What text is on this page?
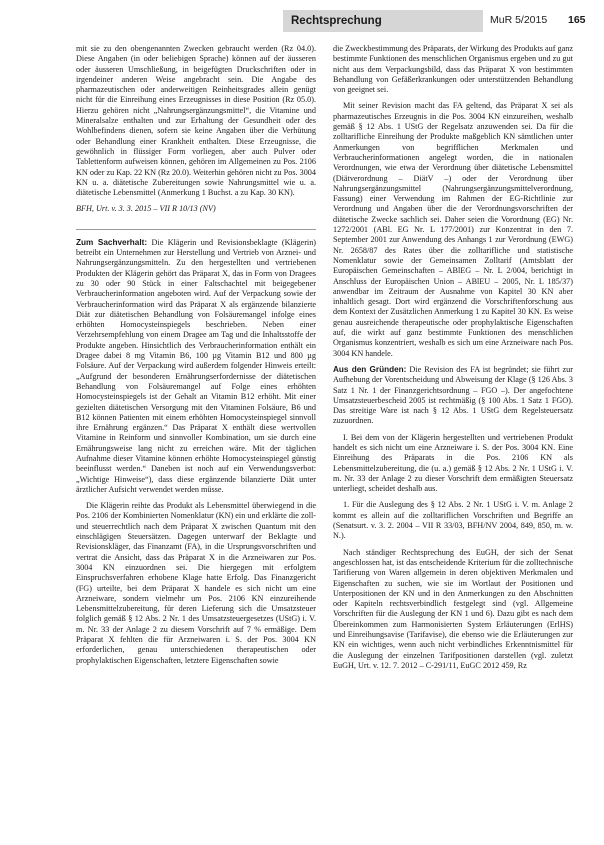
Rechtsprechung	MuR 5/2015 165

mit sie zu den obengenannten Zwecken gebraucht werden (Rz 04.0). Diese Angaben (in oder beliebigen Sprache) können auf der äusseren oder äusseren Umschließung, in beigefügten Druckschriften oder in irgendeiner anderen Weise angebracht sein. Die Angabe des pharmazeutischen oder anderweitigen Reinheitsgrades allein genügt nicht für die Einreihung eines Erzeugnisses in diese Position (Rz 05.0). Hierzu gehören nicht „Nahrungsergänzungsmittel“, die Vitamine und Mineralsalze enthalten und zur Erhaltung der Gesundheit oder des Wohlbefindens dienen, sofern sie keine Angaben über die Verhütung oder Behandlung einer Krankheit enthalten. Diese Erzeugnisse, die gewöhnlich in flüssiger Form vorliegen, aber auch Pulver oder Tablettenform aufweisen können, gehören im Allgemeinen zu Pos. 2106 KN oder zu Kap. 22 KN (Rz 20.0). Weiterhin gehören nicht zu Pos. 3004 KN u. a. diätetische Zubereitungen sowie Nahrungsmittel wie u. a. diätetische Lebensmittel (Anmerkung 1 Buchst. a zu Kap. 30 KN).

BFH, Urt. v. 3. 3. 2015 – VII R 10/13 (NV)

Zum Sachverhalt: Die Klägerin und Revisionsbeklagte (Klägerin) betreibt ein Unternehmen zur Herstellung und Vertrieb von Arznei- und Nahrungsergänzungsmitteln. Zu den hergestellten und vertriebenen Produkten der Klägerin gehört das Präparat X, das in Form von Dragees zu 30 oder 90 Stück in einer Faltschachtel mit beigegebener Verbraucherinformation angeboten wird. Auf der Verpackung sowie der Verbraucherinformation wird das Präparat X als ergänzende bilanzierte Diät zur diätetischen Behandlung von Folsäuremangel infolge eines erhöhten Homocysteinspiegels beschrieben. Neben einer Verzehrsempfehlung von einem Dragee am Tag und die Inhaltsstoffe der Produkte angeben. Hinsichtlich des Verbraucherinformation enthält ein Dragee dabei 8 mg Vitamin B6, 100 µg Vitamin B12 und 800 µg Folsäure. Auf der Verpackung wird außerdem folgender Hinweis erteilt: „Aufgrund der besonderen Ernährungserfordernisse der diätetischen Behandlung von Folsäuremangel auf Folge eines erhöhten Homocysteinspiegels ist der Gehalt an Vitamin B12 erhöht. Mit einer gezielten diätetischen Versorgung mit den Vitaminen Folsäure, B6 und B12 können Patienten mit einem erhöhten Homocysteinspiegel sinnvoll ihre Ernährung ergänzen.“ Das Präparat X enthält diese wertvollen Vitamine in Reinform und sinnvoller Kombination, um sie durch eine Ernährungsweise lang nicht zu erreichen wäre. Mit der täglichen Aufnahme dieser Vitamine können erhöhte Homocysteinspiegel günstig beeinflusst werden.“ Daneben ist noch auf ein Verwendungsverbot: „Wichtige Hinweise“), dass diese ergänzende bilanzierte Diät unter ärztlicher Aufsicht verwendet werden müsse.

Die Klägerin reihte das Produkt als Lebensmittel überwiegend in die Pos. 2106 der Kombinierten Nomenklatur (KN) ein und erklärte die zoll- und steuerrechtlich nach dem Präparat X zwischen Quantum mit den einschlägigen Steuersätzen. Dagegen unterwarf der Beklagte und Revisionskläger, das Finanzamt (FA), in die Ursprungsvorschriften und vertrat die Ansicht, dass das Präparat X in die Arzneiwaren zur Pos. 3004 KN einzuordnen sei. Die hiergegen mit erfolgtem Einspruchsverfahren erhobene Klage hatte Erfolg. Das Finanzgericht (FG) urteilte, bei dem Präparat X handele es sich nicht um eine Arzneiware, sondern vielmehr um Pos. 2106 KN einzureihende Lebensmittelzubereitung, für deren Lieferung sich die Umsatzsteuer folglich gemäß § 12 Abs. 2 Nr. 1 des Umsatzsteuergesetzes (UStG) i. V. m. Nr. 33 der Anlage 2 zu diesem Vorschrift auf 7 % ermäßige. Dem Präparat X fehlten die für Arzneiwaren i. S. der Pos. 3004 KN erforderlichen, genau unterschiedenen therapeutischen oder prophylaktischen Eigenschaften, letztere Eigenschaften sowie

die Zweckbestimmung des Präparats, der Wirkung des Produkts auf ganz bestimmte Funktionen des menschlichen Organismus ergeben und zu gut nicht aus dem Verpackungsbild, dass das Präparat X von bestimmten Behandlung von Gefäßerkrankungen oder unterstützenden Behandlung von geeignet sei.

Mit seiner Revision macht das FA geltend, das Präparat X sei als pharmazeutisches Erzeugnis in die Pos. 3004 KN einzureihen, weshalb gemäß § 12 Abs. 1 UStG der Regelsatz anzuwenden sei. Da für die zolltarifliche Einreihung der Produkte maßgeblich KN sämtlichen unter Anmerkungen von begrifflichen Merkmalen und Verbraucherinformationen angelegt worden, die in nationalen Verordnungen, wie etwa der Verordnung über diätetische Lebensmittel (Diätverordnung – DiätV –) oder der Verordnung über Nahrungsergänzungsmittel (Nahrungsergänzungsmittelverordnung, Fassung) einer Verwendung im Rahmen der EG-Richtlinie zur Verordnung und Angaben über die der Verordnungsvorschriften der diätetische Zwecke sachlich sei. Daher seien die Vorordnung (EG) Nr. 1272/2001 (ABl. EG Nr. L 177/2001) zur Konzentrat in den 7. September 2001 zur Anwendung des Anhangs 1 zur Verordnung (EWG) Nr. 2658/87 des Rates über die zolltarifliche und statistische Nomenklatur sowie der Gemeinsamen Zolltarif (Amtsblatt der Europäischen Gemeinschaften – ABlEG – Nr. L 2/004, berichtigt in Anschluss der Europäischen Union – ABlEU – 2005, Nr. L 185/37) anwendbar im Zeitraum der Ausnahme von Kapitel 30 KN aber inhaltlich gesagt. Dort wird ergänzend die Vorschriftenforschung aus dem Kontext der Zusätzlichen Anmerkung 1 zu Kapitel 30 KN. Es weise genau ausreichende therapeutische oder prophylaktische Eigenschaften auf, die wirkt auf ganz bestimmte Funktionen des menschlichen Organismus konzentriert, weshalb es sich um eine Arzneiware nach Pos. 3004 KN handele.

Aus den Gründen: Die Revision des FA ist begründet; sie führt zur Aufhebung der Vorentscheidung und Abweisung der Klage (§ 126 Abs. 3 Satz 1 Nr. 1 der Finanzgerichtsordnung – FGO –). Der angefochtene Umsatzsteuerbescheid 2005 ist rechtmäßig (§ 100 Abs. 1 Satz 1 FGO). Das streitige Ware ist nach § 12 Abs. 1 UStG dem Regelsteuersatz zuzuordnen.

I. Bei dem von der Klägerin hergestellten und vertriebenen Produkt handelt es sich nicht um eine Arzneiware i. S. der Pos. 3004 KN. Eine Einreihung des Präparats in die Pos. 2106 KN als Lebensmittelzubereitung, die (u. a.) gemäß § 12 Abs. 2 Nr. 1 UStG i. V. m. Nr. 33 der Anlage 2 zu dieser Vorschrift dem ermäßigten Steuersatz unterliegt, scheidet deshalb aus.

1. Für die Auslegung des § 12 Abs. 2 Nr. 1 UStG i. V. m. Anlage 2 kommt es allein auf die zolltariflichen Vorschriften und Begriffe an (Senatsurt. v. 3. 2. 2004 – VII R 33/03, BFH/NV 2004, 849, 850, m. w. N.).

Nach ständiger Rechtsprechung des EuGH, der sich der Senat angeschlossen hat, ist das entscheidende Kriterium für die zolltechnische Tarifierung von Waren allgemein in deren objektiven Merkmalen und Eigenschaften zu suchen, wie sie im Wortlaut der Positionen und Unterpositionen der KN und in den Anmerkungen zu den Abschnitten oder Kapiteln rechtsverbindlich festgelegt sind (vgl. Allgemeine Vorschriften für die Auslegung der KN 1 und 6). Dazu gibt es nach dem Übereinkommen zum Harmonisierten System Erläuterungen (ErlHS) und Einreihungsavise (Tarifavise), die ebenso wie die Erläuterungen zur KN ein wichtiges, wenn auch nicht verbindliches Erkenntnismittel für die Auslegung der einzelnen Tarifpositionen darstellen (vgl. zuletzt EuGH, Urt. v. 12. 7. 2012 – C-291/11, EuGC 2012 459, Rz
